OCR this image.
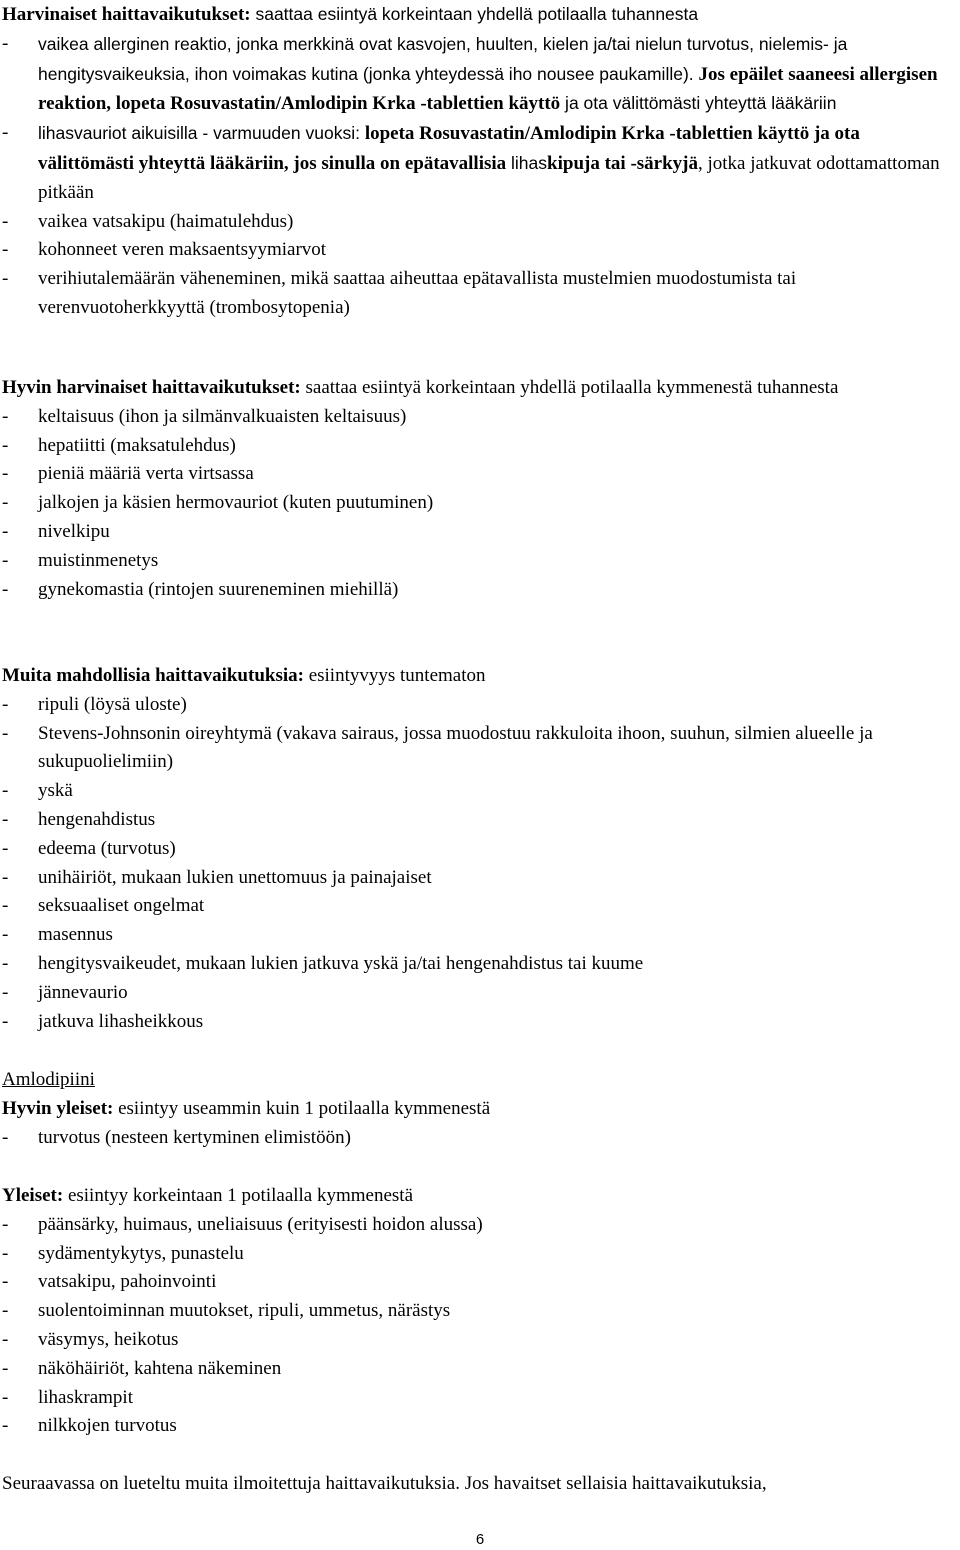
Harvinaiset haittavaikutukset: saattaa esiintyä korkeintaan yhdellä potilaalla tuhannesta

-	vaikea allerginen reaktio, jonka merkkinä ovat kasvojen, huulten, kielen ja/tai nielun turvotus, nielemis- ja hengitysvaikeuksia, ihon voimakas kutina (jonka yhteydessä iho nousee paukamille). Jos epäilet saaneesi allergisen reaktion, lopeta Rosuvastatin/Amlodipin Krka -tablettien käyttö ja ota välittömästi yhteyttä lääkäriin
-	lihasvauriot aikuisilla - varmuuden vuoksi: lopeta Rosuvastatin/Amlodipin Krka -tablettien käyttö ja ota välittömästi yhteyttä lääkäriin, jos sinulla on epätavallisia lihaskipuja tai -särkyjä, jotka jatkuvat odottamattoman pitkään
-	vaikea vatsakipu (haimatulehdus)
-	kohonneet veren maksaentsyymiarvot
-	verihiutalemäärän väheneminen, mikä saattaa aiheuttaa epätavallista mustelmien muodostumista tai verenvuotoherkkyyttä (trombosytopenia)

Hyvin harvinaiset haittavaikutukset: saattaa esiintyä korkeintaan yhdellä potilaalla kymmenestä tuhannesta

-	keltaisuus (ihon ja silmänvalkuaisten keltaisuus)
-	hepatiitti (maksatulehdus)
-	pieniä määriä verta virtsassa
-	jalkojen ja käsien hermovauriot (kuten puutuminen)
-	nivelkipu
-	muistinmenetys
-	gynekomastia (rintojen suureneminen miehillä)

Muita mahdollisia haittavaikutuksia: esiintyvyys tuntematon

-	ripuli (löysä uloste)
-	Stevens-Johnsonin oireyhtymä (vakava sairaus, jossa muodostuu rakkuloita ihoon, suuhun, silmien alueelle ja sukupuolielimiin)
-	yskä
-	hengenahdistus
-	edeema (turvotus)
-	unihäiriöt, mukaan lukien unettomuus ja painajaiset
-	seksuaaliset ongelmat
-	masennus
-	hengitysvaikeudet, mukaan lukien jatkuva yskä ja/tai hengenahdistus tai kuume
-	jännevaurio
-	jatkuva lihasheikkous

Amlodipiini

Hyvin yleiset: esiintyy useammin kuin 1 potilaalla kymmenestä

-	turvotus (nesteen kertyminen elimistöön)

Yleiset: esiintyy korkeintaan 1 potilaalla kymmenestä

-	päänsärky, huimaus, uneliaisuus (erityisesti hoidon alussa)
-	sydämentykytys, punastelu
-	vatsakipu, pahoinvointi
-	suolentoiminnan muutokset, ripuli, ummetus, närästys
-	väsymys, heikotus
-	näköhäiriöt, kahtena näkeminen
-	lihaskrampit
-	nilkkojen turvotus

Seuraavassa on lueteltu muita ilmoitettuja haittavaikutuksia. Jos havaitset sellaisia haittavaikutuksia,

6
